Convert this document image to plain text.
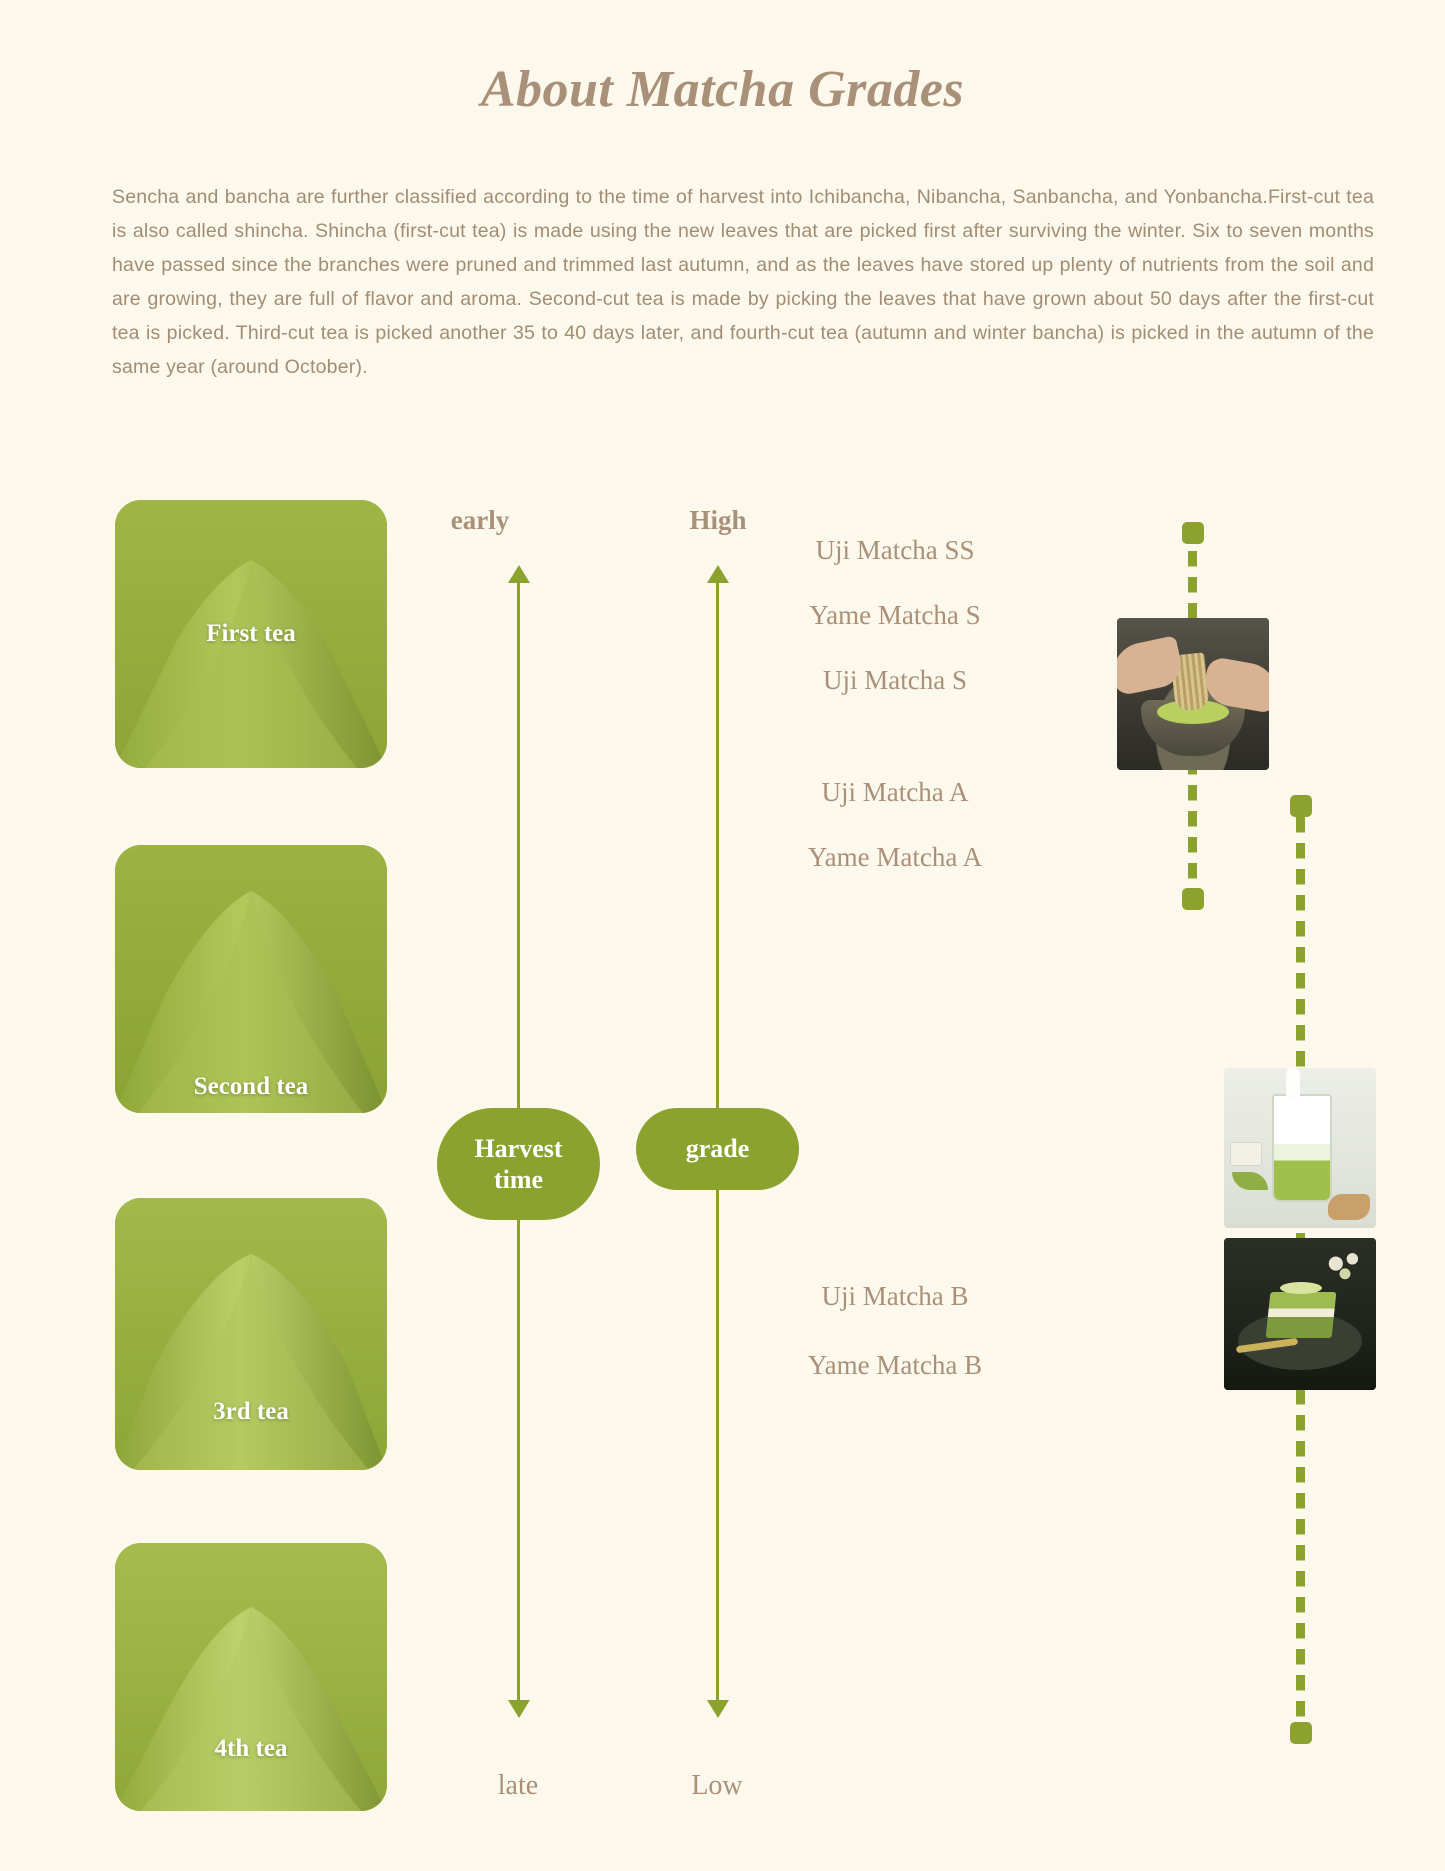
About Matcha Grades
Sencha and bancha are further classified according to the time of harvest into Ichibancha, Nibancha, Sanbancha, and Yonbancha.First-cut tea is also called shincha. Shincha (first-cut tea) is made using the new leaves that are picked first after surviving the winter. Six to seven months have passed since the branches were pruned and trimmed last autumn, and as the leaves have stored up plenty of nutrients from the soil and are growing, they are full of flavor and aroma. Second-cut tea is made by picking the leaves that have grown about 50 days after the first-cut tea is picked. Third-cut tea is picked another 35 to 40 days later, and fourth-cut tea (autumn and winter bancha) is picked in the autumn of the same year (around October).
First tea
Second tea
3rd tea
4th tea
early
Harvest
time
late
High
grade
Low
Uji Matcha SS
Yame Matcha S
Uji Matcha S
Uji Matcha A
Yame Matcha A
Uji Matcha B
Yame Matcha B
